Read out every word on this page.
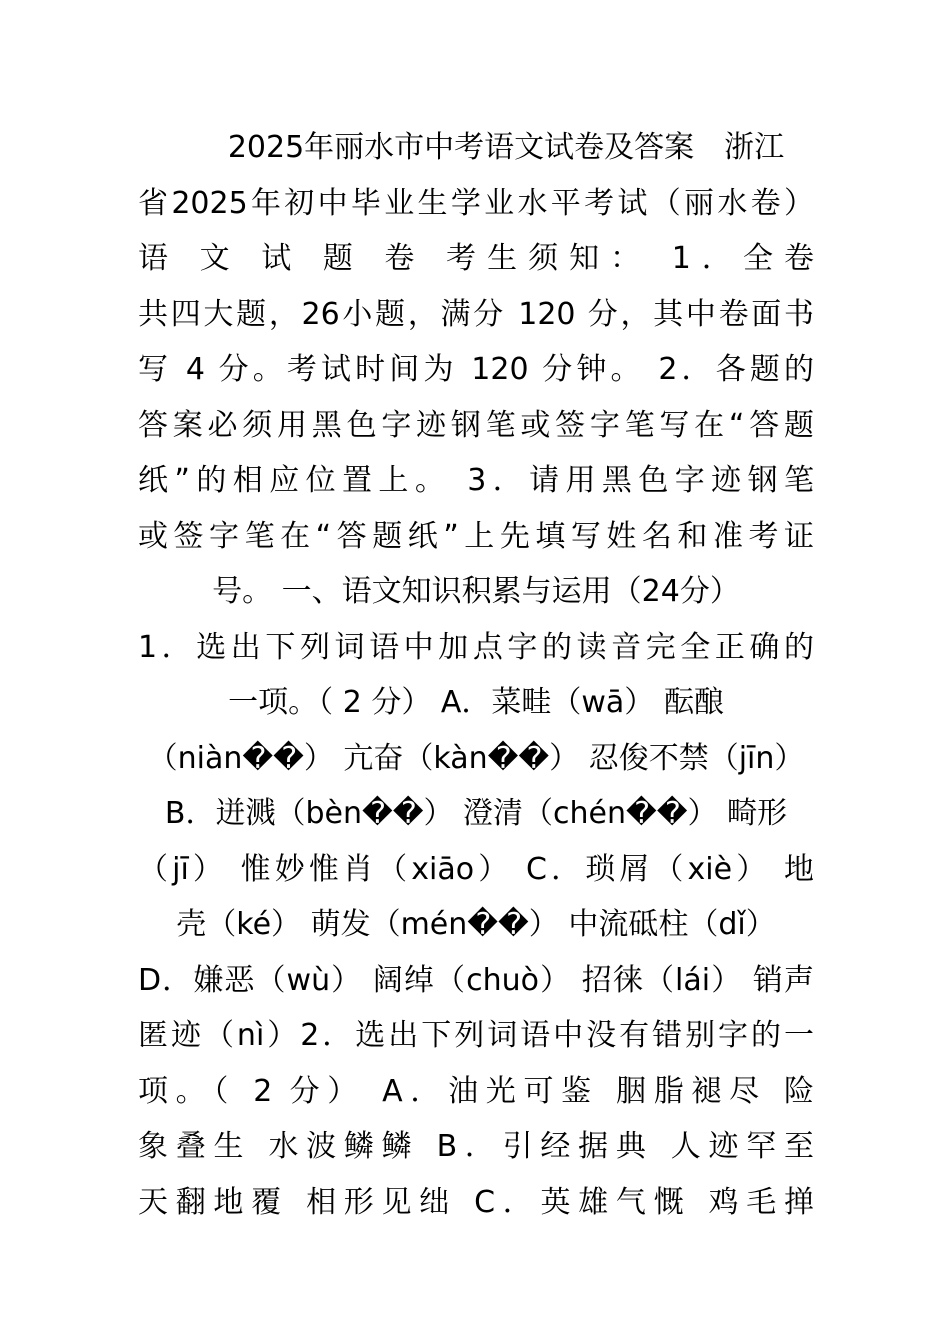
2025年丽水市中考语文试卷及答案　浙江
省2025年初中毕业生学业水平考试（丽水卷）
语 文 试 题 卷 考生须知： 1．全卷
共四大题，26小题，满分 120 分，其中卷面书
写 4 分。考试时间为 120 分钟。 2．各题的
答案必须用黑色字迹钢笔或签字笔写在“答题
纸”的相应位置上。 3．请用黑色字迹钢笔
或签字笔在“答题纸”上先填写姓名和准考证
号。 一、语文知识积累与运用（24分）
1．选出下列词语中加点字的读音完全正确的
一项。（ 2 分） A．菜畦（wā） 酝酿
（niàn��） 亢奋（kàn��） 忍俊不禁（jīn）
B．迸溅（bèn��） 澄清（chén��） 畸形
（jī） 惟妙惟肖（xiāo） C．琐屑（xiè） 地
壳（ké） 萌发（mén��） 中流砥柱（dǐ）
D．嫌恶（wù） 阔绰（chuò） 招徕（lái） 销声
匿迹（nì）2．选出下列词语中没有错别字的一
项。（ 2 分） A．油光可鉴 胭脂褪尽 险
象叠生 水波鳞鳞 B．引经据典 人迹罕至
天翻地覆 相形见绌 C．英雄气慨 鸡毛掸
